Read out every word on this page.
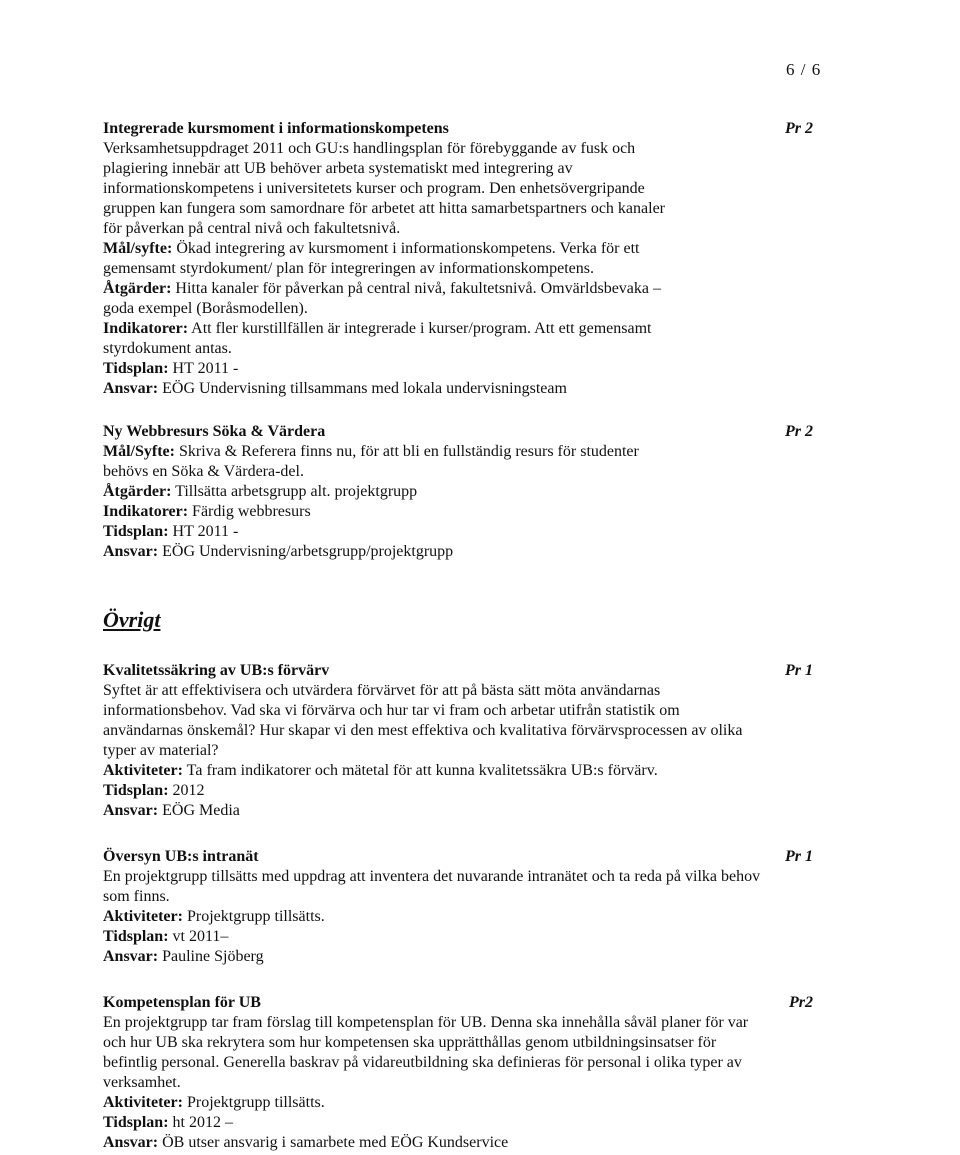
6 / 6
Integrerade kursmoment i informationskompetens	Pr 2

Verksamhetsuppdraget 2011 och GU:s handlingsplan för förebyggande av fusk och

plagiering innebär att UB behöver arbeta systematiskt med integrering av

informationskompetens i universitetets kurser och program. Den enhetsövergripande

gruppen kan fungera som samordnare för arbetet att hitta samarbetspartners och kanaler

för påverkan på central nivå och fakultetsnivå.

Mål/syfte: Ökad integrering av kursmoment i informationskompetens. Verka för ett

gemensamt styrdokument/ plan för integreringen av informationskompetens.

Åtgärder: Hitta kanaler för påverkan på central nivå, fakultetsnivå. Omvärldsbevaka –

goda exempel (Boråsmodellen).

Indikatorer: Att fler kurstillfällen är integrerade i kurser/program. Att ett gemensamt

styrdokument antas.

Tidsplan: HT 2011 -

Ansvar: EÖG Undervisning tillsammans med lokala undervisningsteam

Ny Webbresurs Söka & Värdera	Pr 2

Mål/Syfte: Skriva & Referera finns nu, för att bli en fullständig resurs för studenter

behövs en Söka & Värdera-del.

Åtgärder: Tillsätta arbetsgrupp alt. projektgrupp

Indikatorer: Färdig webbresurs

Tidsplan: HT 2011 -

Ansvar: EÖG Undervisning/arbetsgrupp/projektgrupp

Övrigt
Kvalitetssäkring av UB:s förvärv	Pr 1

Syftet är att effektivisera och utvärdera förvärvet för att på bästa sätt möta användarnas

informationsbehov. Vad ska vi förvärva och hur tar vi fram och arbetar utifrån statistik om

användarnas önskemål? Hur skapar vi den mest effektiva och kvalitativa förvärvsprocessen av olika

typer av material?

Aktiviteter: Ta fram indikatorer och mätetal för att kunna kvalitetssäkra UB:s förvärv.

Tidsplan: 2012

Ansvar: EÖG Media

Översyn UB:s intranät	Pr 1

En projektgrupp tillsätts med uppdrag att inventera det nuvarande intranätet och ta reda på vilka behov

som finns.

Aktiviteter: Projektgrupp tillsätts.

Tidsplan: vt 2011–

Ansvar: Pauline Sjöberg

Kompetensplan för UB	Pr2

En projektgrupp tar fram förslag till kompetensplan för UB. Denna ska innehålla såväl planer för var

och hur UB ska rekrytera som hur kompetensen ska upprätthållas genom utbildningsinsatser för

befintlig personal. Generella baskrav på vidareutbildning ska definieras för personal i olika typer av

verksamhet.

Aktiviteter: Projektgrupp tillsätts.

Tidsplan: ht 2012 –

Ansvar: ÖB utser ansvarig i samarbete med EÖG Kundservice
